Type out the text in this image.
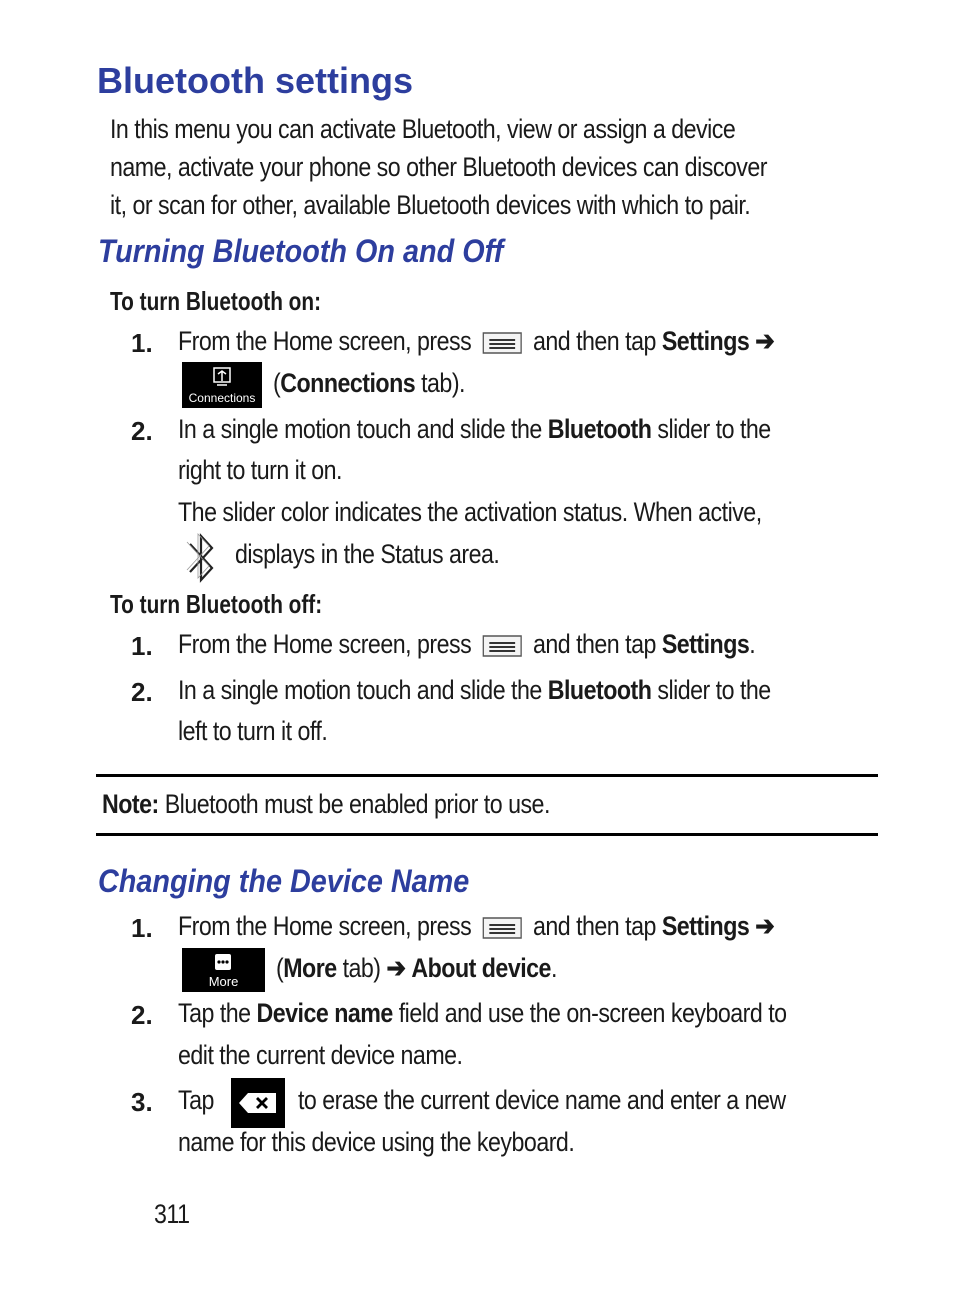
Bluetooth settings
In this menu you can activate Bluetooth, view or assign a device
name, activate your phone so other Bluetooth devices can discover
it, or scan for other, available Bluetooth devices with which to pair.
Turning Bluetooth On and Off
To turn Bluetooth on:
1. From the Home screen, press and then tap Settings ➔
Connections (Connections tab).
2. In a single motion touch and slide the Bluetooth slider to the
right to turn it on.
The slider color indicates the activation status. When active,
displays in the Status area.
To turn Bluetooth off:
1. From the Home screen, press and then tap Settings.
2. In a single motion touch and slide the Bluetooth slider to the
left to turn it off.
Note: Bluetooth must be enabled prior to use.
Changing the Device Name
1. From the Home screen, press and then tap Settings ➔
More	(More tab) ➔ About device.
2. Tap the Device name field and use the on-screen keyboard to
edit the current device name.
3. Tap	to erase the current device name and enter a new
name for this device using the keyboard.
311
